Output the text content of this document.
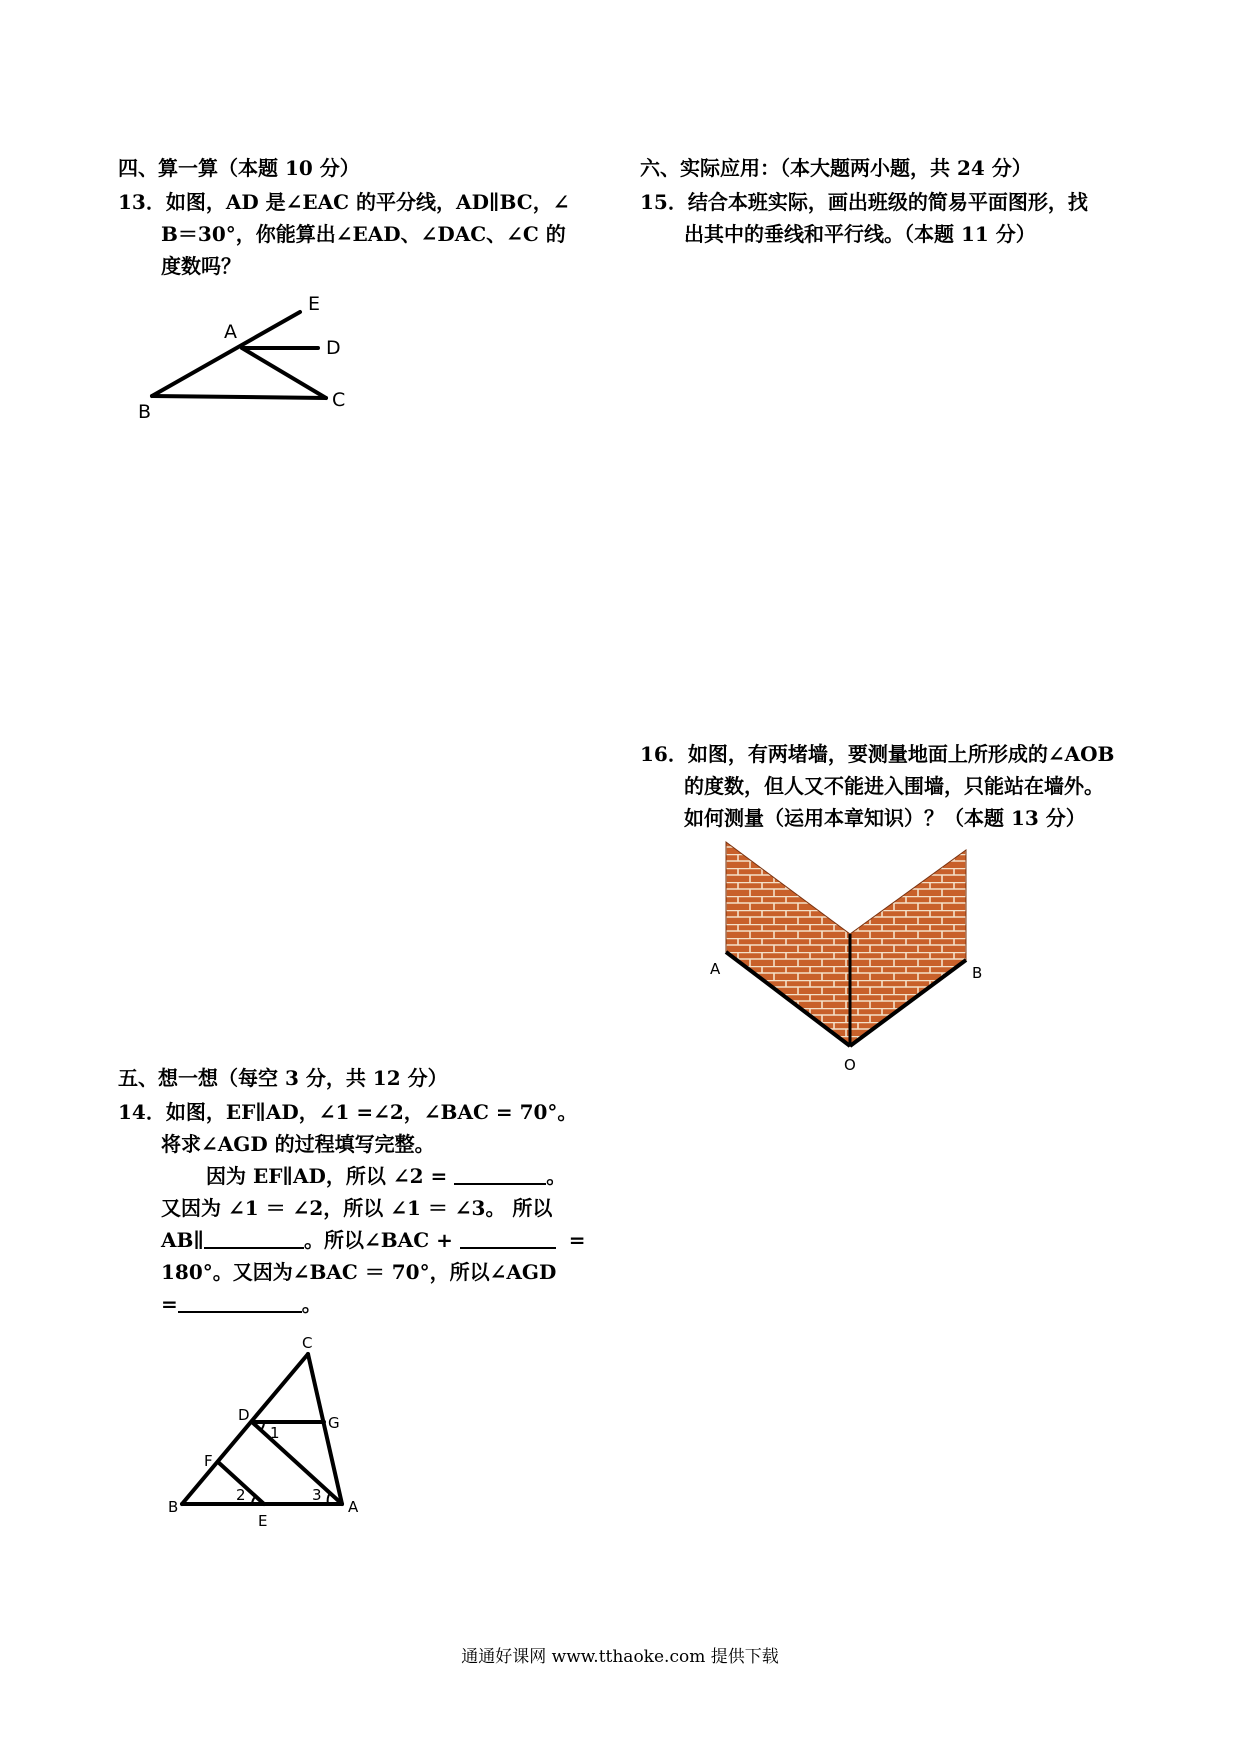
四、算一算（本题 10 分）
13．如图，AD 是∠EAC 的平分线，AD∥BC，∠
B＝30°，你能算出∠EAD、∠DAC、∠C 的
度数吗？
E
A
D
B
C
五、想一想（每空 3 分，共 12 分）
14．如图，EF∥AD，∠1 =∠2，∠BAC = 70°。
将求∠AGD 的过程填写完整。
因为 EF∥AD，所以 ∠2 =	。
又因为 ∠1 ＝ ∠2，所以 ∠1 ＝ ∠3。 所以
AB∥	。所以∠BAC +	=
180°。又因为∠BAC ＝ 70°，所以∠AGD
=	。
C
D	G
1
F
B
2	3
A
E
六、实际应用：（本大题两小题，共 24 分）
15．结合本班实际，画出班级的简易平面图形，找
出其中的垂线和平行线。（本题 11 分）
16．如图，有两堵墙，要测量地面上所形成的∠AOB
的度数，但人又不能进入围墙，只能站在墙外。
如何测量（运用本章知识）？（本题 13 分）
A	B
O
通通好课网 www.tthaoke.com 提供下载
